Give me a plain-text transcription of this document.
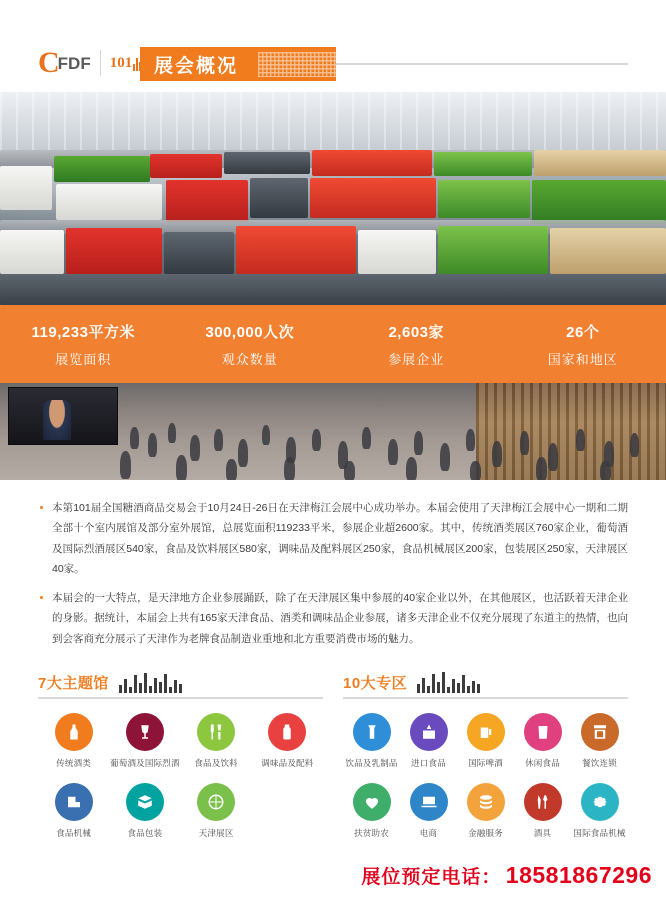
C FDF 101 展会概况
119,233平方米
展览面积
300,000人次
观众数量
2,603家
参展企业
26个
国家和地区
本第101届全国糖酒商品交易会于10月24日-26日在天津梅江会展中心成功举办。本届会使用了天津梅江会展中心一期和二期全部十个室内展馆及部分室外展馆，总展览面积119233平米，参展企业超2600家。其中，传统酒类展区760家企业，葡萄酒及国际烈酒展区540家，食品及饮料展区580家，调味品及配料展区250家，食品机械展区200家，包装展区250家，天津展区40家。
本届会的一大特点，是天津地方企业参展踊跃，除了在天津展区集中参展的40家企业以外，在其他展区，也活跃着天津企业的身影。据统计，本届会上共有165家天津食品、酒类和调味品企业参展，诸多天津企业不仅充分展现了东道主的热情，也向到会客商充分展示了天津作为老牌食品制造业重地和北方重要消费市场的魅力。
7大主题馆	10大专区
传统酒类	葡萄酒及国际烈酒	食品及饮料	调味品及配料
食品机械	食品包装	天津展区
饮品及乳制品	进口食品	国际啤酒	休闲食品	餐饮连锁
扶贫助农	电商	金融服务	酒具	国际食品机械
展位预定电话： 18581867296
